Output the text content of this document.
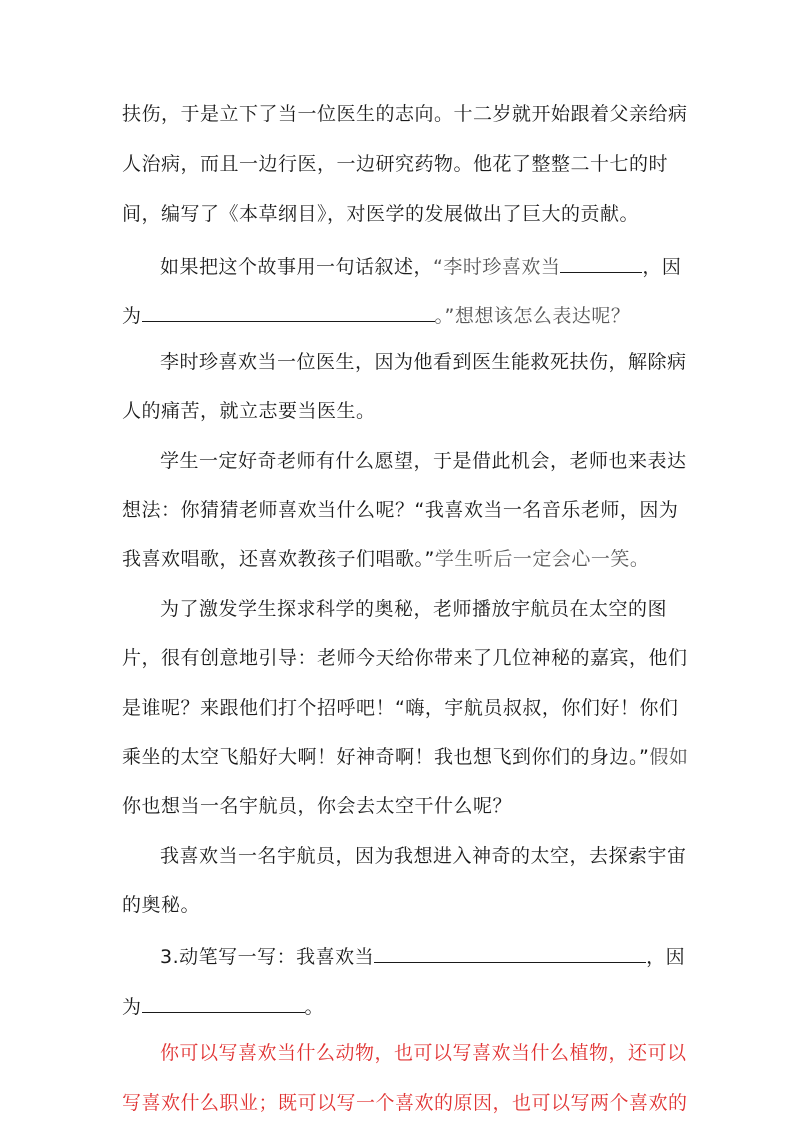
扶伤，于是立下了当一位医生的志向。十二岁就开始跟着父亲给病
人治病，而且一边行医，一边研究药物。他花了整整二十七的时
间，编写了《本草纲目》，对医学的发展做出了巨大的贡献。
如果把这个故事用一句话叙述，“李时珍喜欢当	，因
为	。”想想该怎么表达呢？
李时珍喜欢当一位医生，因为他看到医生能救死扶伤，解除病
人的痛苦，就立志要当医生。
学生一定好奇老师有什么愿望，于是借此机会，老师也来表达
想法：你猜猜老师喜欢当什么呢？“我喜欢当一名音乐老师，因为
我喜欢唱歌，还喜欢教孩子们唱歌。”学生听后一定会心一笑。
为了激发学生探求科学的奥秘，老师播放宇航员在太空的图
片，很有创意地引导：老师今天给你带来了几位神秘的嘉宾，他们
是谁呢？来跟他们打个招呼吧！“嗨，宇航员叔叔，你们好！你们
乘坐的太空飞船好大啊！好神奇啊！我也想飞到你们的身边。”假如
你也想当一名宇航员，你会去太空干什么呢？
我喜欢当一名宇航员，因为我想进入神奇的太空，去探索宇宙
的奥秘。
3.动笔写一写：我喜欢当	，因
为	。
你可以写喜欢当什么动物，也可以写喜欢当什么植物，还可以
写喜欢什么职业；既可以写一个喜欢的原因，也可以写两个喜欢的
